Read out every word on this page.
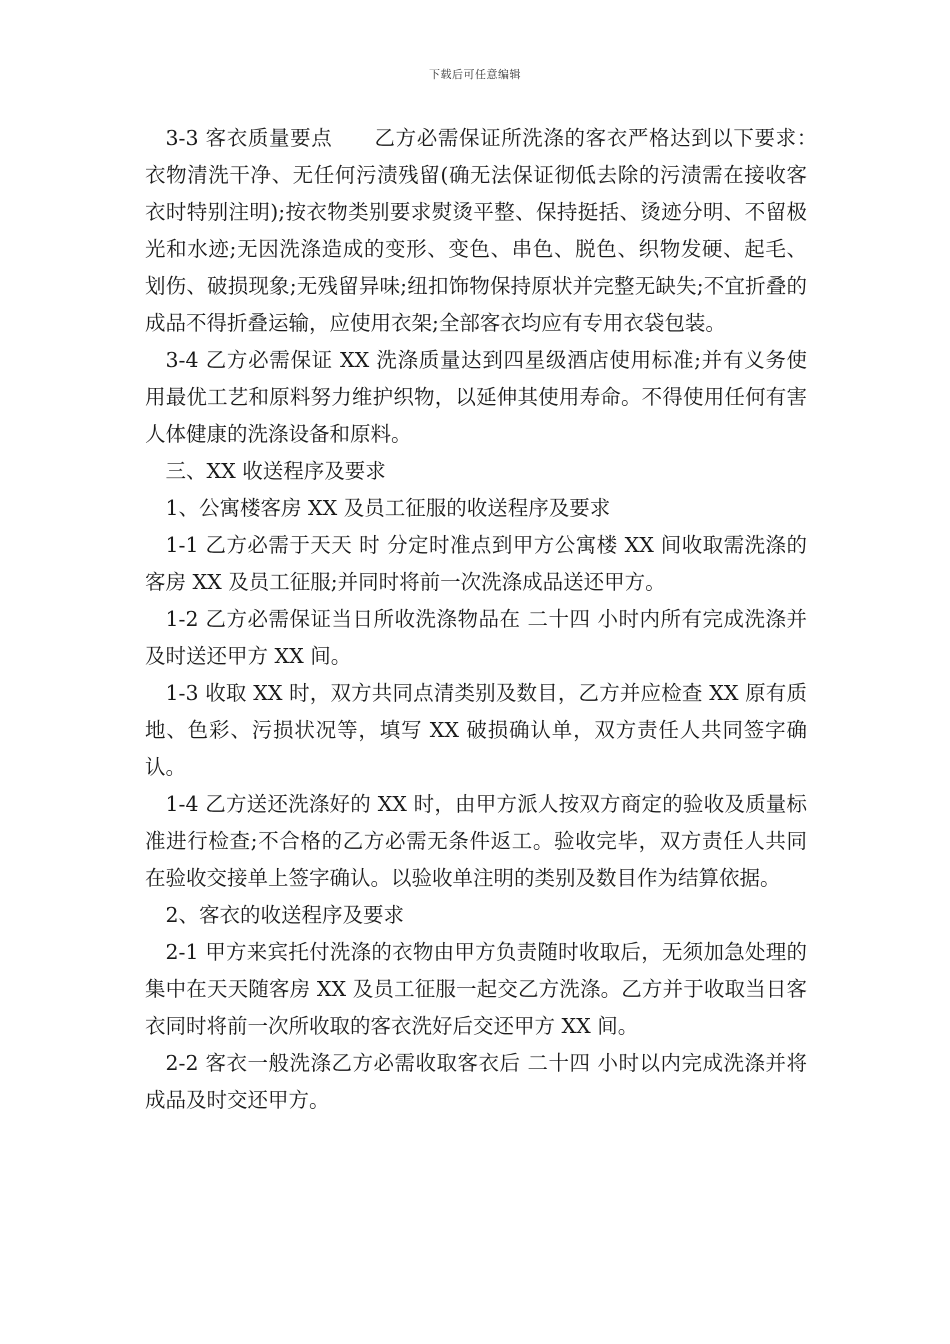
下载后可任意编辑

3-3 客衣质量要点　　乙方必需保证所洗涤的客衣严格达到以下要求：　　衣物清洗干净、无任何污渍残留(确无法保证彻低去除的污渍需在接收客衣时特别注明);按衣物类别要求熨烫平整、保持挺括、烫迹分明、不留极光和水迹;无因洗涤造成的变形、变色、串色、脱色、织物发硬、起毛、划伤、破损现象;无残留异味;纽扣饰物保持原状并完整无缺失;不宜折叠的成品不得折叠运输，应使用衣架;全部客衣均应有专用衣袋包装。

3-4 乙方必需保证 XX 洗涤质量达到四星级酒店使用标准;并有义务使用最优工艺和原料努力维护织物，以延伸其使用寿命。不得使用任何有害人体健康的洗涤设备和原料。

三、XX 收送程序及要求

1、公寓楼客房 XX 及员工征服的收送程序及要求

1-1 乙方必需于天天 时 分定时准点到甲方公寓楼 XX 间收取需洗涤的客房 XX 及员工征服;并同时将前一次洗涤成品送还甲方。

1-2 乙方必需保证当日所收洗涤物品在 二十四 小时内所有完成洗涤并及时送还甲方 XX 间。

1-3 收取 XX 时，双方共同点清类别及数目，乙方并应检查 XX 原有质地、色彩、污损状况等，填写 XX 破损确认单，双方责任人共同签字确认。

1-4 乙方送还洗涤好的 XX 时，由甲方派人按双方商定的验收及质量标准进行检查;不合格的乙方必需无条件返工。验收完毕，双方责任人共同在验收交接单上签字确认。以验收单注明的类别及数目作为结算依据。

2、客衣的收送程序及要求

2-1 甲方来宾托付洗涤的衣物由甲方负责随时收取后，无须加急处理的集中在天天随客房 XX 及员工征服一起交乙方洗涤。乙方并于收取当日客衣同时将前一次所收取的客衣洗好后交还甲方 XX 间。

2-2 客衣一般洗涤乙方必需收取客衣后 二十四 小时以内完成洗涤并将成品及时交还甲方。
